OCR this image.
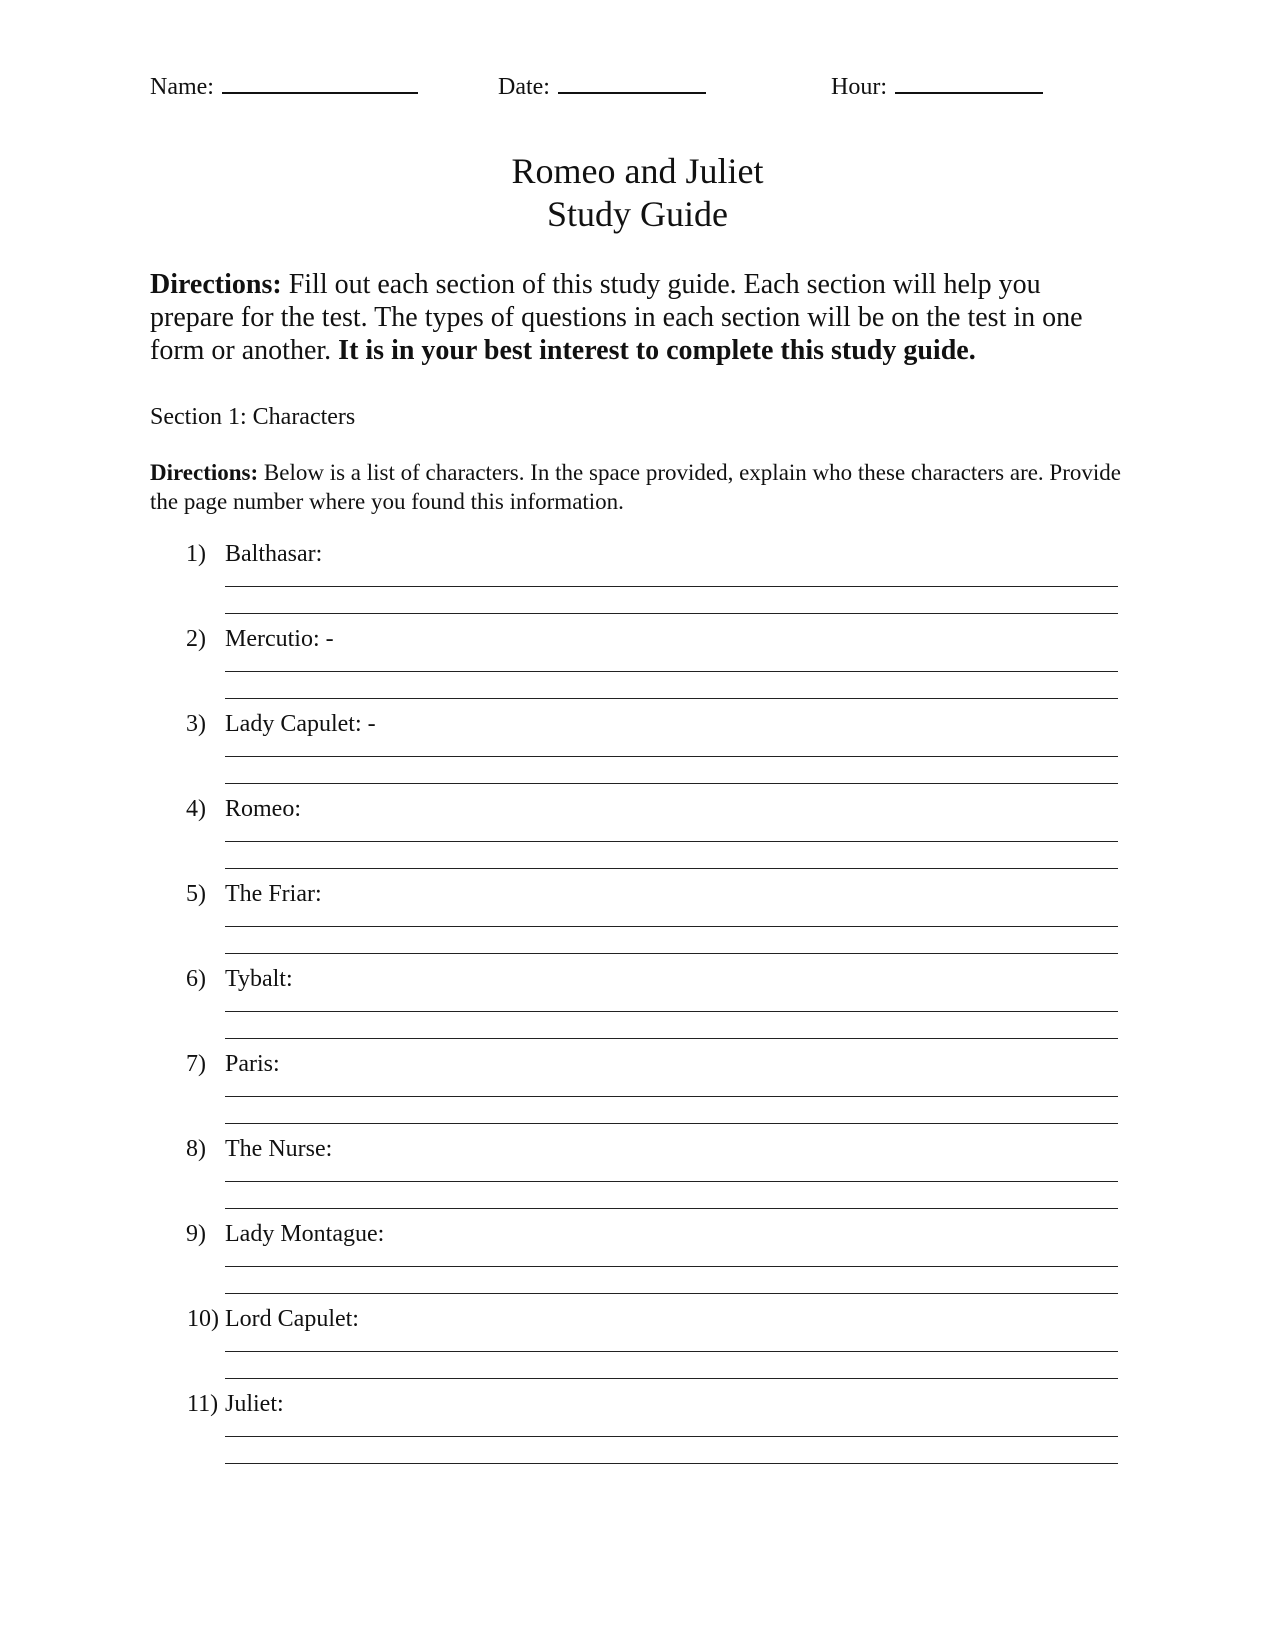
Name:	Date:	Hour:
Romeo and Juliet
Study Guide
Directions: Fill out each section of this study guide. Each section will help you prepare for the test. The types of questions in each section will be on the test in one form or another. It is in your best interest to complete this study guide.
Section 1: Characters
Directions: Below is a list of characters. In the space provided, explain who these characters are. Provide the page number where you found this information.
1) Balthasar:
2) Mercutio: -
3) Lady Capulet: -
4) Romeo:
5) The Friar:
6) Tybalt:
7) Paris:
8) The Nurse:
9) Lady Montague:
10) Lord Capulet:
11) Juliet:
